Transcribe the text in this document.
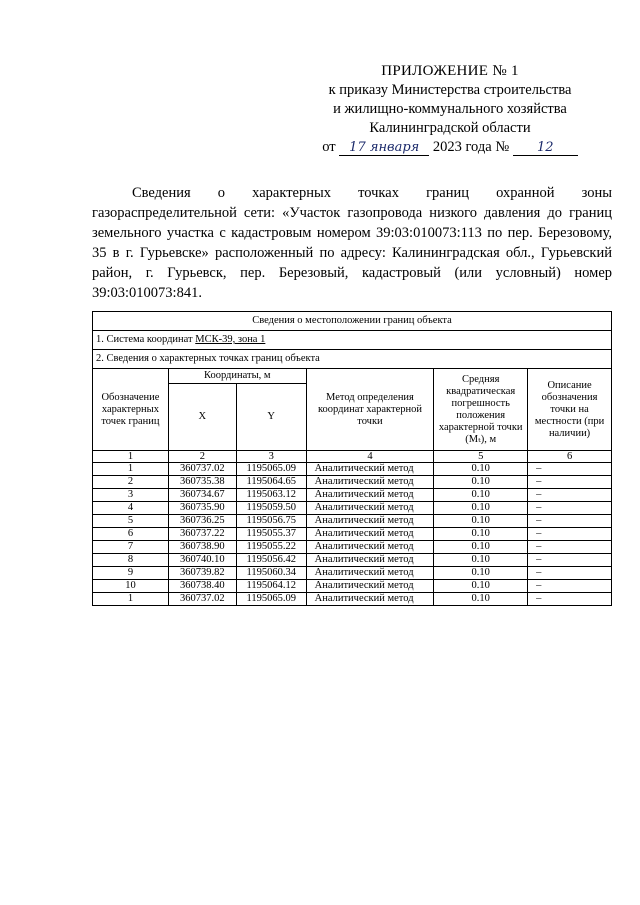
ПРИЛОЖЕНИЕ № 1
к приказу Министерства строительства
и жилищно-коммунального хозяйства
Калининградской области
от 17 января 2023 года № 12
Сведения о характерных точках границ охранной зоны газораспределительной сети: «Участок газопровода низкого давления до границ земельного участка с кадастровым номером 39:03:010073:113 по пер. Березовому, 35 в г. Гурьевске» расположенный по адресу: Калининградская обл., Гурьевский район, г. Гурьевск, пер. Березовый, кадастровый (или условный) номер 39:03:010073:841.
Сведения о местоположении границ объекта					
1. Система координат МСК-39, зона 1					
2. Сведения о характерных точках границ объекта					
Обозначение характерных точек границ	Координаты, м		Метод определения координат характерной точки	Средняя квадратическая погрешность положения характерной точки (Mₜ), м	Описание обозначения точки на местности (при наличии)
	X	Y			
1	2	3	4	5	6
1	360737.02	1195065.09	Аналитический метод	0.10	–
2	360735.38	1195064.65	Аналитический метод	0.10	–
3	360734.67	1195063.12	Аналитический метод	0.10	–
4	360735.90	1195059.50	Аналитический метод	0.10	–
5	360736.25	1195056.75	Аналитический метод	0.10	–
6	360737.22	1195055.37	Аналитический метод	0.10	–
7	360738.90	1195055.22	Аналитический метод	0.10	–
8	360740.10	1195056.42	Аналитический метод	0.10	–
9	360739.82	1195060.34	Аналитический метод	0.10	–
10	360738.40	1195064.12	Аналитический метод	0.10	–
1	360737.02	1195065.09	Аналитический метод	0.10	–
